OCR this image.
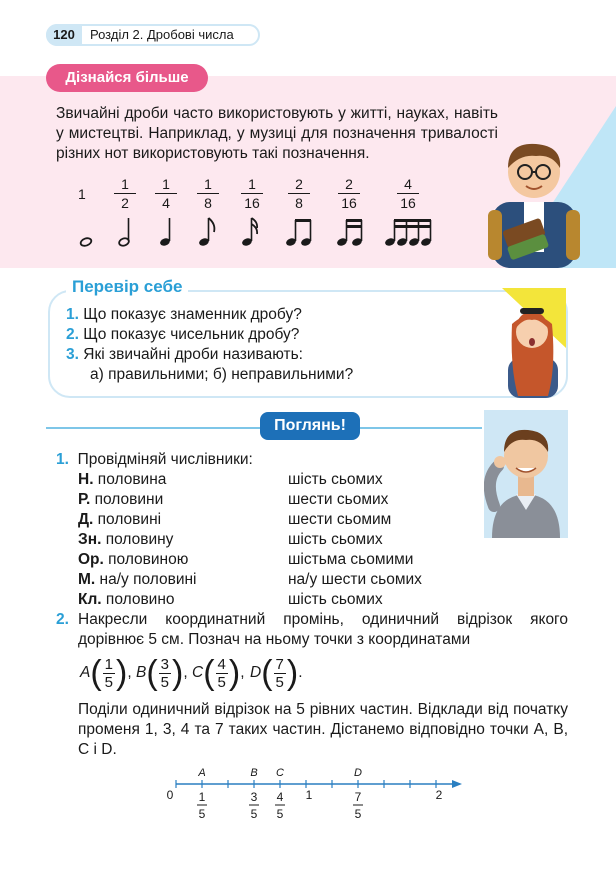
120	Розділ 2. Дробові числа
Дізнайся більше
Звичайні дроби часто використовують у житті, науках, навіть у мистецтві. Наприклад, у музиці для позначення тривалості різних нот використовують такі позначення.
1
1
2
1
4
1
8
1
16
2
8
2
16
4
16
Перевір себе
1. Що показує знаменник дробу?
2. Що показує чисельник дробу?
3. Які звичайні дроби називають:
а) правильними; б) неправильними?
Поглянь!
1. Провідміняй числівники:
Н. половина	шість сьомих
Р. половини	шести сьомих
Д. половині	шести сьомим
Зн. половину	шість сьомих
Ор. половиною	шістьма сьомими
М. на/у половині	на/у шести сьомих
Кл. половино	шість сьомих
2. Накресли координатний промінь, одиничний відрізок якого дорівнює 5 см. Познач на ньому точки з координатами
A ( 1
5 ) , B ( 3
5 ) , C ( 4
5 ) , D ( 7
5 ) .
Поділи одиничний відрізок на 5 рівних частин. Відклади від початку променя 1, 3, 4 та 7 таких частин. Дістанемо відповідно точки A, B, C і D.
0	1	2
A
1
5
B
3
5
C
4
5
D
7
5
